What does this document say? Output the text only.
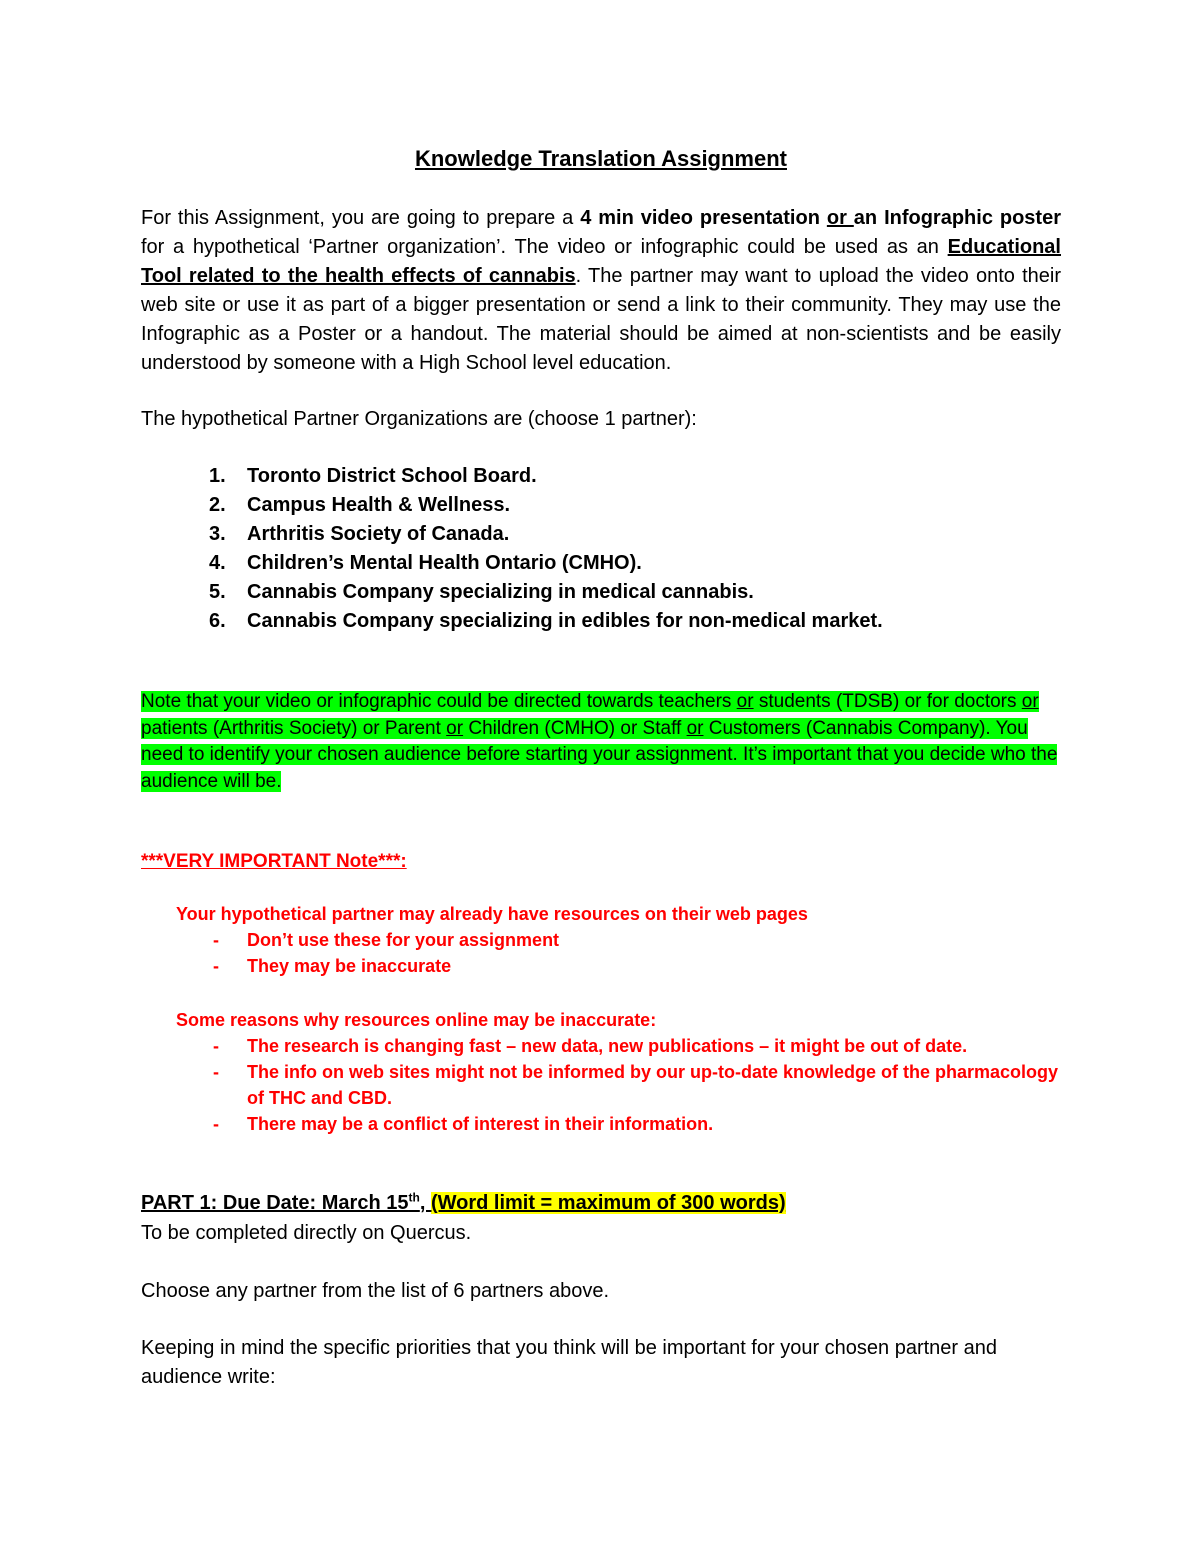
Knowledge Translation Assignment

For this Assignment, you are going to prepare a 4 min video presentation or an Infographic poster for a hypothetical ‘Partner organization’. The video or infographic could be used as an Educational Tool related to the health effects of cannabis. The partner may want to upload the video onto their web site or use it as part of a bigger presentation or send a link to their community. They may use the Infographic as a Poster or a handout. The material should be aimed at non-scientists and be easily understood by someone with a High School level education.

The hypothetical Partner Organizations are (choose 1 partner):

1. Toronto District School Board.
2. Campus Health & Wellness.
3. Arthritis Society of Canada.
4. Children’s Mental Health Ontario (CMHO).
5. Cannabis Company specializing in medical cannabis.
6. Cannabis Company specializing in edibles for non-medical market.

Note that your video or infographic could be directed towards teachers or students (TDSB) or for doctors or patients (Arthritis Society) or Parent or Children (CMHO) or Staff or Customers (Cannabis Company). You need to identify your chosen audience before starting your assignment. It’s important that you decide who the audience will be.

***VERY IMPORTANT Note***:

Your hypothetical partner may already have resources on their web pages
- Don’t use these for your assignment
- They may be inaccurate
Some reasons why resources online may be inaccurate:
- The research is changing fast – new data, new publications – it might be out of date.
- The info on web sites might not be informed by our up-to-date knowledge of the pharmacology of THC and CBD.
- There may be a conflict of interest in their information.

PART 1: Due Date: March 15th, (Word limit = maximum of 300 words)

To be completed directly on Quercus.

Choose any partner from the list of 6 partners above.

Keeping in mind the specific priorities that you think will be important for your chosen partner and audience write:
